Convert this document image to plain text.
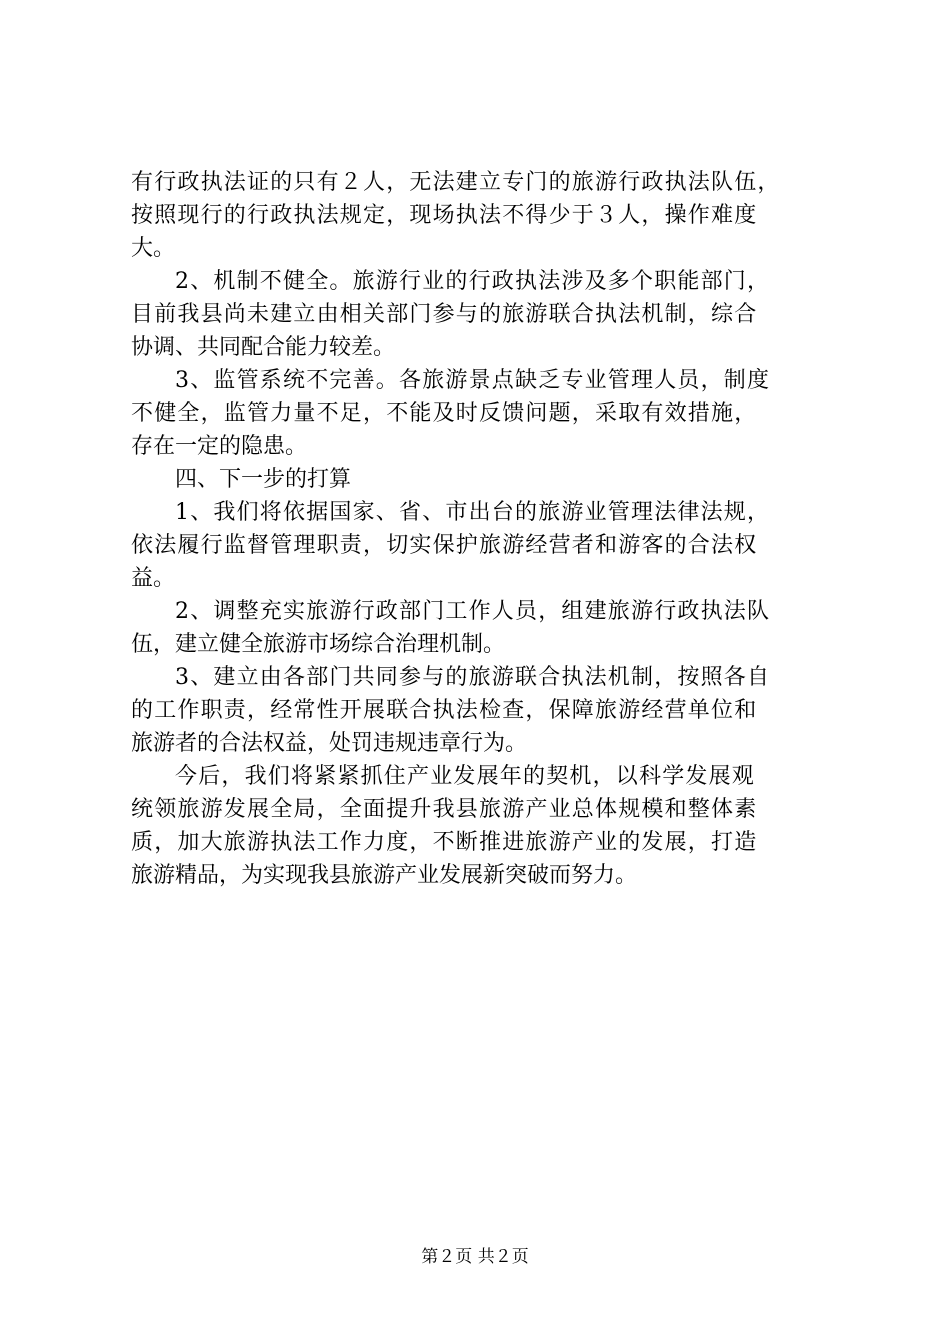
有行政执法证的只有２人，无法建立专门的旅游行政执法队伍，
按照现行的行政执法规定，现场执法不得少于３人，操作难度
大。
2、机制不健全。旅游行业的行政执法涉及多个职能部门，
目前我县尚未建立由相关部门参与的旅游联合执法机制，综合
协调、共同配合能力较差。
3、监管系统不完善。各旅游景点缺乏专业管理人员，制度
不健全，监管力量不足，不能及时反馈问题，采取有效措施，
存在一定的隐患。
四、下一步的打算
1、我们将依据国家、省、市出台的旅游业管理法律法规，
依法履行监督管理职责，切实保护旅游经营者和游客的合法权
益。
2、调整充实旅游行政部门工作人员，组建旅游行政执法队
伍，建立健全旅游市场综合治理机制。
3、建立由各部门共同参与的旅游联合执法机制，按照各自
的工作职责，经常性开展联合执法检查，保障旅游经营单位和
旅游者的合法权益，处罚违规违章行为。
今后，我们将紧紧抓住产业发展年的契机，以科学发展观
统领旅游发展全局，全面提升我县旅游产业总体规模和整体素
质，加大旅游执法工作力度，不断推进旅游产业的发展，打造
旅游精品，为实现我县旅游产业发展新突破而努力。
第２页 共２页
